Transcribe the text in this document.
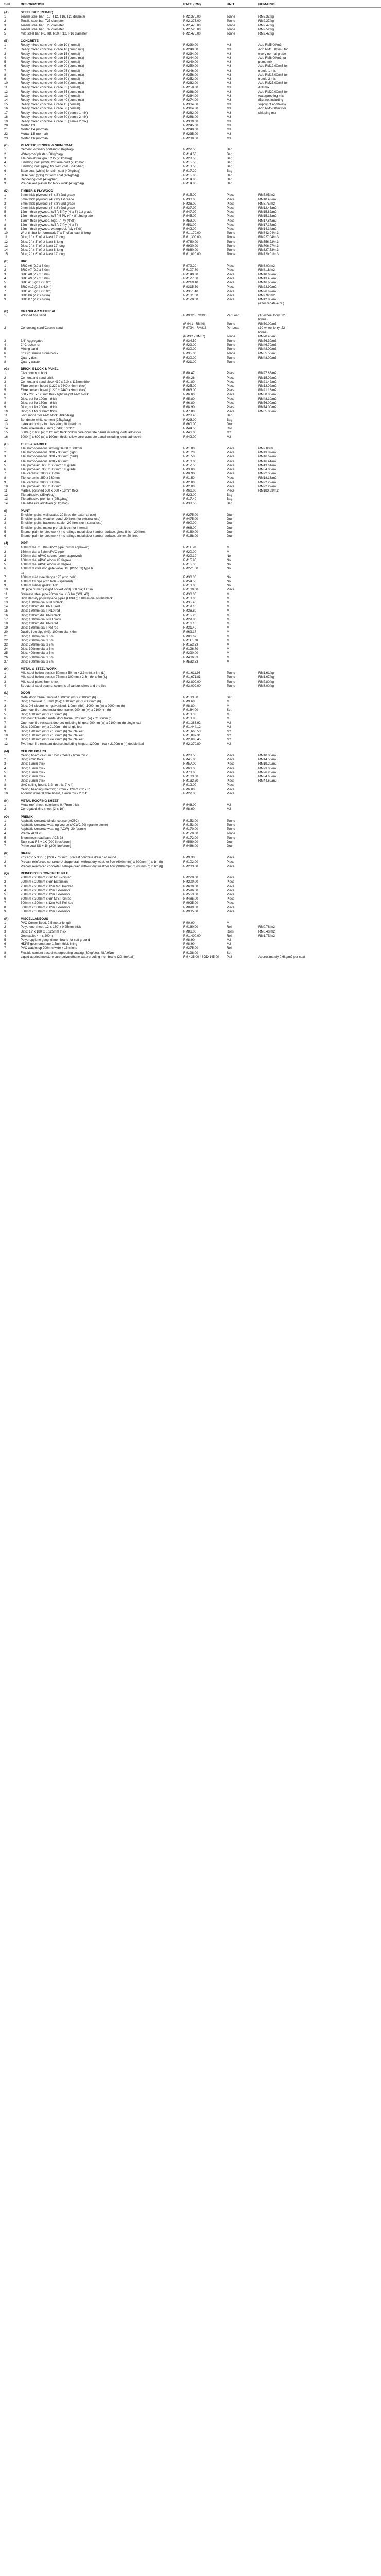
S/N	DESCRIPTION	RATE (RM)	UNIT	REMARKS
(A)	STEEL BAR (REBAR)
1	Tensile steel bar, T10, T12, T16, T20 diameter	RM2,375.00	Tonne	RM2.37/kg
2	Tensile steel bar, T25 diameter	RM2,375.00	Tonne	RM2.37/kg
3	Tensile steel bar, T28 diameter	RM2,475.00	Tonne	RM2.47/kg
4	Tensile steel bar, T32 diameter	RM2,525.00	Tonne	RM2.52/kg
5	Mild steel bar, R6, R8, R10, R12, R16 diameter	RM2,475.00	Tonne	RM2.47/kg
(B)	CONCRETE
1	Ready mixed concrete, Grade 10 (normal)	RM230.00	M3	Add RM5.00/m3 -
2	Ready mixed concrete, Grade 10 (pump mix)	RM240.00	M3	Add RM15.00/m3 for
3	Ready mixed concrete, Grade 15 (normal)	RM234.00	M3	every normal grade
4	Ready mixed concrete, Grade 15 (pump mix)	RM244.00	M3	Add RM8.00/m3 for
5	Ready mixed concrete, Grade 20 (normal)	RM240.00	M3	pump mix
6	Ready mixed concrete, Grade 20 (pump mix)	RM250.00	M3	Add RM12.00/m3 for
7	Ready mixed concrete, Grade 25 (normal)	RM246.00	M3	tremie 1 mix
8	Ready mixed concrete, Grade 25 (pump mix)	RM256.00	M3	Add RM18.00/m3 for
9	Ready mixed concrete, Grade 30 (normal)	RM252.00	M3	tremie 2 mix
10	Ready mixed concrete, Grade 30 (pump mix)	RM262.00	M3	Add RM25.00/m3 for
11	Ready mixed concrete, Grade 35 (normal)	RM258.00	M3	drill mix
12	Ready mixed concrete, Grade 35 (pump mix)	RM268.00	M3	Add RM20.00/m3 for
13	Ready mixed concrete, Grade 40 (normal)	RM264.00	M3	waterproofing mix
14	Ready mixed concrete, Grade 40 (pump mix)	RM274.00	M3	(But not including
15	Ready mixed concrete, Grade 45 (normal)	RM304.00	M3	supply of additives)
16	Ready mixed concrete, Grade 50 (normal)	RM314.00	M3	Add RM5.00/m3 for
17	Ready mixed concrete, Grade 30 (tremie 1 mix)	RM282.00	M3	shipping mix
18	Ready mixed concrete, Grade 30 (tremie 2 mix)	RM288.00	M3
19	Ready mixed concrete, Grade 35 (tremie 2 mix)	RM300.00	M3
20	Mortar 1:3	RM245.00	M3
21	Mortar 1:4 (normal)	RM240.00	M3
22	Mortar 1:5 (normal)	RM235.00	M3
23	Mortar 1:6 (normal)	RM230.00	M3
(C)	PLASTER, RENDER & SKIM COAT
1	Cement, ordinary portland (50kg/bag)	RM22.50	Bag
2	Waterproof plaster (50kg/bag)	RM14.50	Bag
3	Tile non-shrink grout 215 (25kg/bag)	RM28.50	Bag
4	Finishing coat (white) for skim coat (25kg/bag)	RM15.50	Bag
5	Finishing coat (grey) for skim coat (25kg/bag)	RM13.50	Bag
6	Base coat (white) for skim coat (40kg/bag)	RM17.20	Bag
7	Base coat (grey) for skim coat (40kg/bag)	RM15.80	Bag
8	Rendering coat (40kg/bag)	RM14.80	Bag
9	Pre-packed plaster for block work (40kg/bag)	RM14.80	Bag
(D)	TIMBER & PLYWOOD
1	3mm thick plywood, (4' x 8') 2nd grade	RM15.00	Piece	RM5.05/m2
2	6mm thick plywood, (4' x 8') 1st grade	RM30.00	Piece	RM10.43/m2
3	6mm thick plywood, (4' x 8') 2nd grade	RM26.00	Piece	RM8.75/m2
4	9mm thick plywood, (4' x 8') 2nd grade	RM37.00	Piece	RM12.45/m2
5	12mm thick plywood, WBP, 5 Ply (4' x 8') 1st grade	RM47.00	Piece	RM15.82/m2
6	12mm thick plywood, WBP 5 Ply (4' x 8') 2nd grade	RM45.00	Piece	RM15.15/m2
7	12mm thick plywood, logo, 7 Ply (4'x8')	RM53.00	Piece	RM17.84/m2
8	12mm thick plywood, WBP, 7 Ply (4' x 8')	RM51.00	Piece	RM17.17/m2
9	12mm thick plywood, waterproof, "ply (4'x8')	RM42.00	Piece	RM14.14/m2
10	Wrot timber for formwork 2" x 3" of at least 8' long	RM1,170.00	Tonne	RM842.94/m3
11	Ditto; 1" x 3" of at least 12' long	RM1,300.00	Tonne	RM927.04/m3
12	Ditto; 2" x 3" of at least 8' long	RM780.00	Tonne	RM556.22/m3
13	Ditto; 2" x 4" of at least 12' long	RM990.00	Tonne	RM706.97/m3
14	Ditto; 2" x 4" of at least 8' long	RM880.00	Tonne	RM627.53/m3
15	Ditto; 2" x 6" of at least 12' long	RM1,010.00	Tonne	RM720.01/m3
(E)	BRC
1	BRC A6 (2.2 x 6.0m)	RM79.20	Piece	RM6.00/m2
2	BRC A7 (2.2 x 6.0m)	RM107.70	Piece	RM8.16/m2
3	BRC A8 (2.2 x 6.0m)	RM140.30	Piece	RM10.63/m2
4	BRC A9 (2.2 x 6.0m)	RM177.60	Piece	RM13.45/m2
5	BRC A10 (2.2 x 6.0m)	RM219.10	Piece	RM16.60/m2
6	BRC A12 (2.2 x 6.0m)	RM315.50	Piece	RM23.90/m2
7	BRC A13 (2.2 x 6.0m)	RM351.40	Piece	RM26.62/m2
8	BRC B6 (2.2 x 6.0m)	RM131.00	Piece	RM9.92/m2
9	BRC B7 (2.2 x 6.0m)	RM170.00	Piece	RM12.88/m2
(after rebate 40%)
(F)	GRANULAR MATERIAL
1	Washed fine sand	RM902 - RM396	Per Load	(10-wheel lorry; 22
tonne)
(RM41 - RM49)	Tonne	RM50.00/m3
2	Concreting sand/Coarse sand	RM794 - RM818	Per Load	(10-wheel lorry; 22
tonne)
(RM32 - RM37)	Tonne	RM70.40/m3
3	3/4" Aggregates	RM34.50	Tonne	RM56.30/m3
4	2" Crusher run	RM29.00	Tonne	RM46.70/m3
5	Mining sand	RM30.00	Tonne	RM48.00/m3
6	6" x 9" Granite stone block	RM35.00	Tonne	RM55.50/m3
7	Quarry dust	RM30.00	Tonne	RM48.00/m3
8	Quarry waste	RM21.00	Tonne
(G)	BRICK, BLOCK & PANEL
1	Clay common brick	RM0.47	Piece	RM27.85/m2
2	Cement and sand brick	RM0.26	Piece	RM15.02/m2
3	Cement and sand block 410 x 210 x 115mm thick	RM1.80	Piece	RM21.42/m2
4	Fibre cement board (1220 x 2440 x 4mm thick)	RM25.00	Piece	RM13.02/m2
5	Fibre cement board (1220 x 2440 x 9mm thick)	RM63.00	Piece	RM21.16/m2
6	600 x 200 x 125mm thick light weight AAC block	RM6.00	Piece	RM50.00/m2
7	Ditto; but for 100mm thick	RM5.80	Piece	RM48.10/m2
8	Ditto; but for 150mm thick	RM6.80	Piece	RM56.00/m2
9	Ditto; but for 200mm thick	RM8.90	Piece	RM74.00/m2
10	Ditto; but for 300mm thick	RM7.80	Piece	RM65.00/m2
11	Joint mortar for AAC block (40kg/bag)	RM28.40	Bag
12	Bondmate white cement (25kg/bag)	RM23.00	Bag
13	Latex admixture for plastering 18 litre/drum	RM60.00	Drum
14	Metal wiremesh 75mm (undle) 1"x3/8"	RM44.50	Roll
15	3000 (l) x 600 (w) x 125mm thick hollow core concrete panel including joints adhesive	RM46.00	M2
16	3000 (l) x 600 (w) x 100mm thick hollow core concrete panel including joints adhesive	RM42.00	M2
(H)	TILES & MARBLE
1	Tile, homogeneous, nosing tile 80 x 300mm	RM1.80	Piece	RM9.00/m
2	Tile, homogeneous, 300 x 300mm (light)	RM1.20	Piece	RM13.89/m2
3	Tile, homogeneous, 300 x 300mm (dark)	RM1.50	Piece	RM16.67/m2
4	Tile, homogeneous, 600 x 600mm	RM10.00	Piece	RM16.44/m2
5	Tile, porcelain, 600 x 600mm 1st grade	RM17.50	Piece	RM43.61/m2
6	Tile, porcelain, 300 x 300mm 1st grade	RM3.00	Piece	RM34.00/m2
7	Tile, ceramic, 200 x 200mm	RM0.90	Piece	RM22.50/m2
8	Tile, ceramic, 250 x 330mm	RM1.50	Piece	RM18.16/m2
9	Tile, ceramic, 300 x 300mm	RM2.00	Piece	RM22.22/m2
10	Tile, porcelain, 300 x 300mm	RM2.00	Piece	RM22.22/m2
11	Marble, polished 600 x 600 x 18mm thick	RM66.00	Piece	RM183.33/m2
12	Tile adhesive (25kg/bag)	RM22.00	Bag
13	Tile adhesive premium (25kg/bag)	RM17.40	Bag
14	Tile adhesive additives (25kg/bag)	RM38.50	Bag
(I)	PAINT
1	Emulsion paint, wall sealer, 20 litres (for external use)	RM275.00	Drum
2	Emulsion paint, weather bond, 20 litres (for external use)	RM475.00	Drum
3	Emulsion paint, basecoat sealer, 20 litres (for internal use)	RM90.00	Drum
4	Emulsion paint, maleu pro, 18 litres (for internal	RM68.00	Drum
5	Enamel paint for steelwork / ms railing / metal door / timber surface, gloss finish, 20 litres	RM160.00	Drum
6	Enamel paint for steelwork / ms railing / metal door / timber surface, primer, 20 litres	RM168.00	Drum
(J)	PIPE
1	100mm dia. x 5.8m uPVC pipe (ormm approved)	RM11.28	M
2	150mm dia. x 5.8m uPVC pipe	RM20.00	M
3	100mm dia. uPVC socket (ormm approved)	RM20.10	No
4	100mm dia. uPVC elbow 45 degree	RM15.90	No
5	100mm dia. uPVC elbow 90 degree	RM15.30	No
6	100mm ductile iron gate valve D/F (BS5163) type b	RM271.00	No
tar
7	100mm mild steel flange 175 (ctto hole)	RM30.30	No
8	100mm GI pipe (ctto hole) (spanned)	RM54.50	No
9	100mm rubber gasket 1/3"	RM13.00	No
10	RC pipe culvert (spigot socket joint) 300 dia; 1.65m	RM100.00	Piece
11	Stainless steel pipe 20mm dia. X 6.1m (SCH 40)	RM30.00	M
12	High density polyethylene pipes (HDPE); 110mm dia. PN10 black	RM18.00	M
13	Ditto; 160mm dia. PN10 black	RM35.40	M
14	Ditto; 110mm dia. PN10 red	RM19.10	M
15	Ditto; 160mm dia. PN10 red	RM36.80	M
16	Ditto; 110mm dia. PN8 black	RM15.20	M
17	Ditto; 160mm dia. PN8 black	RM29.80	M
18	Ditto; 110mm dia. PN8 red	RM16.10	M
19	Ditto; 160mm dia. PN8 red	RM31.40	M
20	Ductile iron pipe (K9); 100mm dia. x 6m	RM69.17	M
21	Ditto; 150mm dia. x 6m	RM86.67	M
22	Ditto; 200mm dia. x 6m	RM116.70	M
23	Ditto; 250mm dia. x 6m	RM153.33	M
24	Ditto; 300mm dia. x 6m	RM196.70	M
25	Ditto; 400mm dia. x 6m	RM290.00	M
26	Ditto; 500mm dia. x 6m	RM406.33	M
27	Ditto; 600mm dia. x 6m	RM533.33	M
(K)	METAL & STEEL WORK
1	Mild steel hollow section 50mm x 50mm x 2.3m thk x 6m (L)	RM1,611.93	Tonne	RM1.61/kg
2	Mild steel hollow section 75mm x 100mm x 2.3m thk x 6m (L)	RM1,671.83	Tonne	RM1.67/kg
3	Mild steel plate; 6mm thick	RM2,800.00	Tonne	RM2.80/kg
4	Structural steel beams, columns of various sizes and the like	RM3,009.00	Tonne	RM3.00/kg
(L)	DOOR
1	Metal door frame; 1mould 1000mm (w) x 2000mm (h)	RM183.80	Set
2	Ditto; 1mouwall; 1.0mm (thk); 1000mm (w) x 2000mm (h)	RM9.60	M
3	Ditto; 0.6 electronic - galvanised; 1.0mm (thk); 1000mm (w) x 2000mm (h)	RM8.80	M
4	One-hour fire-rated metal door frame; 900mm (w) x 2100mm (h)	RM184.00	Set
5	Ditto; 1000mm (w) x 2100mm (h)	RM13.30	M
6	Two-hour fire-rated metal door frame; 1200mm (w) x 2100mm (h)	RM13.80	M
7	One-hour fire resistant doorset including hinges; 900mm (w) x 2100mm (h) single leaf	RM1,386.92	M2
8	Ditto; 1000mm (w) x 2100mm (h) single leaf	RM1,444.12	M2
9	Ditto; 1200mm (w) x 2100mm (h) double leaf	RM1,666.53	M2
10	Ditto; 1500mm (w) x 2100mm (h) double leaf	RM1,887.31	M2
11	Ditto; 1800mm (w) x 2400mm (h) double leaf	RM2,088.45	M2
12	Two-hour fire resistant doorset including hinges; 1200mm (w) x 2100mm (h) double leaf	RM2,370.80	M2
(M)	CEILING BOARD
1	Ceiling board calcium 1220 x 2440 x 6mm thick	RM28.50	Piece	RM10.00/m2
2	Ditto; 9mm thick	RM45.00	Piece	RM14.50/m2
3	Ditto; 12mm thick	RM57.00	Piece	RM19.20/m2
4	Ditto; 15mm thick	RM68.00	Piece	RM23.00/m2
5	Ditto; 18mm thick	RM78.00	Piece	RM26.20/m2
6	Ditto; 25mm thick	RM103.00	Piece	RM34.65/m2
7	Ditto; 30mm thick	RM132.50	Piece	RM44.60/m2
8	UAC ceiling board, 3.2mm thk; 2' x 4'	RM12.00	Piece
9	Ceiling beading (mermdi) 12mm x 12mm x 3' x 8'	RM6.00	Piece
10	Acoustic mineral fibre board, 12mm thick 2' x 4'	RM22.00	Piece
(N)	METAL ROOFING SHEET
1	Metal roof sheet, colorbond 0.47mm thick	RM46.00	M2
2	Corrugated zinc sheet (2' x 10')	RM8.60	M2
(O)	PREMIX
1	Asphaltic concrete binder course (ACBC)	RM153.00	Tonne
2	Asphaltic concrete wearing course (ACWC 20) (granite stone)	RM153.00	Tonne
3	Asphaltic concrete wearing (ACW) -20 (granite	RM170.00	Tonne
4	Premix ACB 28	RM170.00	Tonne
5	Bituminous road base ACB 28	RM172.00	Tonne
6	Tack coat RS + 1K (200 litres/drum)	RM560.00	Drum
7	Prime coat SS + 1K (200 litre/drum)	RM486.00	Drum
(P)	DRAIN
1	9" x 4"/2" x 30" (L) (220 x 760mm) precast concrete drain half round	RM9.30	Piece
2	Precast reinforced concrete U-shape drain without dry weather flow (600mm(w) x 600mm(h) x 1m (l))	RM102.00	Piece
3	Precast reinforced concrete U-shape drain without dry weather flow (900mm(w) x 900mm(h) x 1m (l))	RM203.00	Piece
(Q)	REINFORCED CONCRETE PILE
1	200mm x 200mm x 6m M/S Pointed	RM220.00	Piece
2	200mm x 200mm x 6m Extension	RM200.00	Piece
3	250mm x 250mm x 12m M/S Pointed	RM600.00	Piece
4	250mm x 250mm x 12m Extension	RM596.00	Piece
5	250mm x 250mm x 12m Extension	RM553.00	Piece
6	300mm x 300mm x 6m M/S Pointed	RM485.00	Piece
7	300mm x 300mm x 12m M/S Pointed	RM925.00	Piece
8	300mm x 300mm x 12m Extension	RM899.00	Piece
9	350mm x 350mm x 12m Extension	RM935.00	Piece
(R)	MISCELLANEOUS
1	PVC Corner Bead, 2.5 meter length	RM0.90	M
2	Polythene sheet: 12' x 160' x 0.25mm thick	RM160.00	Roll	RM0.76/m2
3	Ditto; 12' x 180' x 0.125mm thick	RM86.00	Rolls	RM0.40/m2
4	Geotextile: 4m x 200m	RM1,400.00	Roll	RM1.75/m2
5	Polypropylene geogrid membrane for soft ground	RM8.90	M2
6	HDPE geomembrane 1.5mm thick lining	RM8.90	M2
7	PVC waterstop 200mm wide x 15m long	RM375.00	Roll
8	Flexible cement based waterproofing coating (30kg/set); 48A 9Nm	RM198.00	Set
9	Liquid-applied moisture cure polyurethane waterproofing membrane (20 litre/pail)	RM 435.00 / SGD 145.00	Pail	Approximately 0.6kg/m2 per coat
